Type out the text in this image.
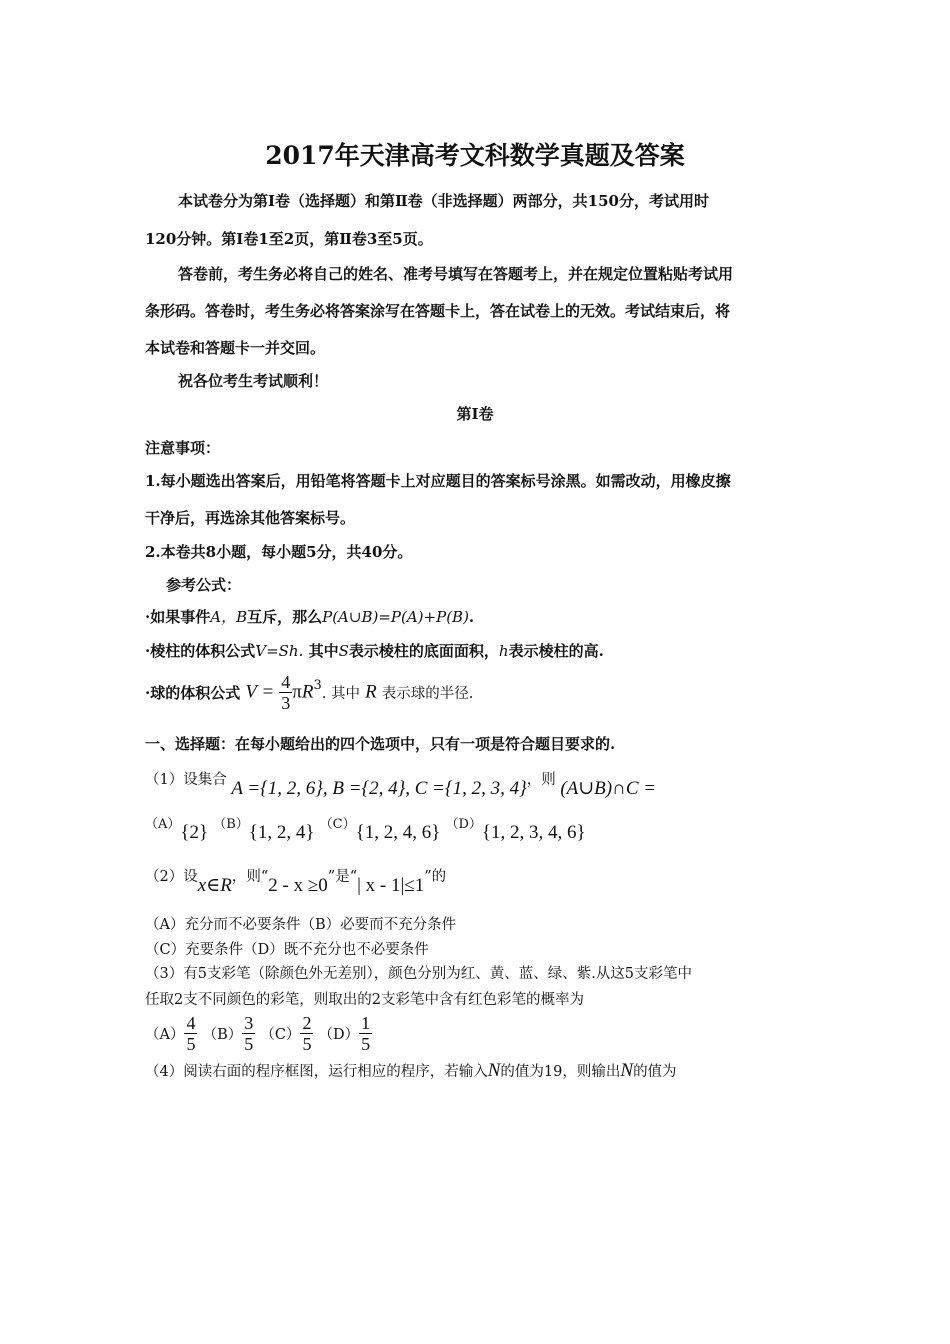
2017年天津高考文科数学真题及答案
本试卷分为第Ⅰ卷（选择题）和第Ⅱ卷（非选择题）两部分，共150分，考试用时
120分钟。第Ⅰ卷1至2页，第Ⅱ卷3至5页。
答卷前，考生务必将自己的姓名、准考号填写在答题考上，并在规定位置粘贴考试用
条形码。答卷时，考生务必将答案涂写在答题卡上，答在试卷上的无效。考试结束后，将
本试卷和答题卡一并交回。
祝各位考生考试顺利！
第Ⅰ卷
注意事项：
1.每小题选出答案后，用铅笔将答题卡上对应题目的答案标号涂黑。如需改动，用橡皮擦
干净后，再选涂其他答案标号。
2.本卷共8小题，每小题5分，共40分。
参考公式：
·如果事件A，B互斥，那么P(A∪B)=P(A)+P(B).
·棱柱的体积公式V=Sh. 其中S表示棱柱的底面面积，h表示棱柱的高.
·球的体积公式 $V = \frac{4}{3} \pi R^3$. 其中 R 表示球的半径.
一、选择题：在每小题给出的四个选项中，只有一项是符合题目要求的.
（1）设集合 A ={1, 2, 6}, B ={2, 4}, C ={1, 2, 3, 4}，则 (A∪B)∩C =
$^{(A)}${2} $^{(B)}${1, 2, 4} $^{(C)}${1, 2, 4, 6} $^{(D)}${1, 2, 3, 4, 6}
（2）设x∈R，则“2 - x ≥0”是“| x - 1|≤1”的
（A）充分而不必要条件（B）必要而不充分条件
（C）充要条件（D）既不充分也不必要条件
（3）有5支彩笔（除颜色外无差别），颜色分别为红、黄、蓝、绿、紫.从这5支彩笔中
任取2支不同颜色的彩笔，则取出的2支彩笔中含有红色彩笔的概率为
$(A) \frac{4}{5} (B) \frac{3}{5} (C) \frac{2}{5} (D) \frac{1}{5}$
（4）阅读右面的程序框图，运行相应的程序，若输入N的值为19，则输出N的值为
